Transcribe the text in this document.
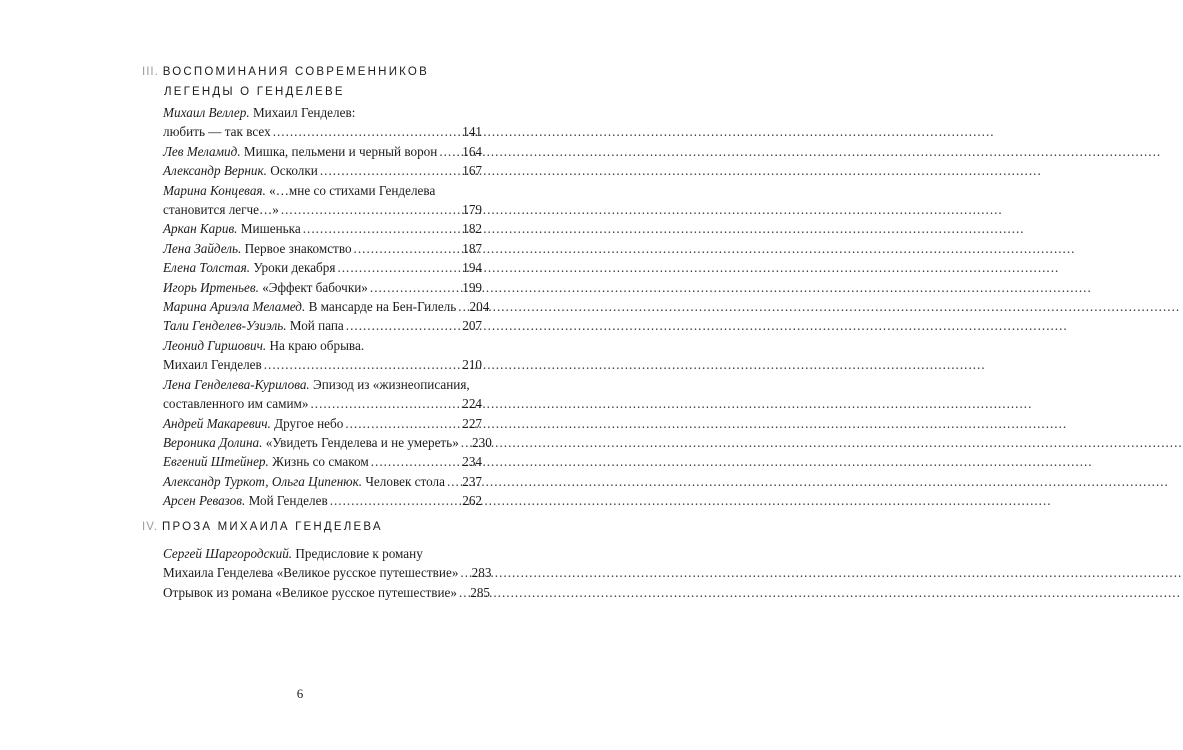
III. ВОСПОМИНАНИЯ СОВРЕМЕННИКОВ
ЛЕГЕНДЫ О ГЕНДЕЛЕВЕ
Михаил Веллер. Михаил Генделев:
любить — так всех .....	141
Лев Меламид. Мишка, пельмени и черный ворон ..... 164
Александр Верник. Осколки .....	167
Марина Концевая. «…мне со стихами Генделева
становится легче…» .....	179
Аркан Карив. Мишенька .....	182
Лена Зайдель. Первое знакомство .....	187
Елена Толстая. Уроки декабря .....	194
Игорь Иртеньев. «Эффект бабочки» .....	199
Марина Ариэла Меламед. В мансарде на Бен-Гилель ..... 204
Тали Генделев-Узиэль. Мой папа .....	207
Леонид Гиршович. На краю обрыва.
Михаил Генделев .....	210
Лена Генделева-Курилова. Эпизод из «жизнеописания,
составленного им самим» .....	224
Андрей Макаревич. Другое небо .....	227
Вероника Долина. «Увидеть Генделева и не умереть» ..... 230
Евгений Штейнер. Жизнь со смаком .....	234
Александр Туркот, Ольга Ципенюк. Человек стола ..... 237
Арсен Ревазов. Мой Генделев .....	262
IV. ПРОЗА МИХАИЛА ГЕНДЕЛЕВА
Сергей Шаргородский. Предисловие к роману
Михаила Генделева «Великое русское путешествие» ..... 283
Отрывок из романа «Великое русское путешествие» ..... 285
6
